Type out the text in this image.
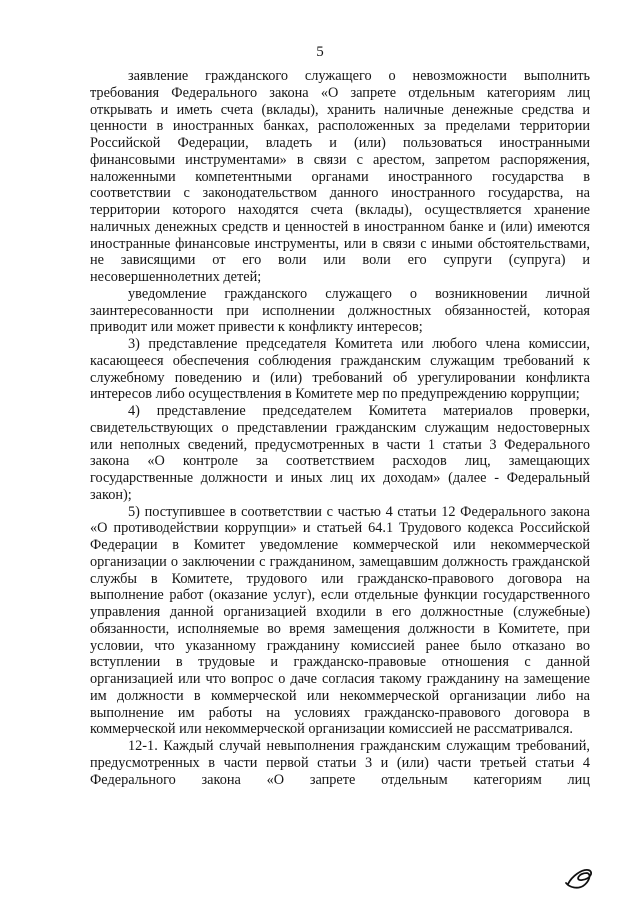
5

заявление гражданского служащего о невозможности выполнить требования Федерального закона «О запрете отдельным категориям лиц открывать и иметь счета (вклады), хранить наличные денежные средства и ценности в иностранных банках, расположенных за пределами территории Российской Федерации, владеть и (или) пользоваться иностранными финансовыми инструментами» в связи с арестом, запретом распоряжения, наложенными компетентными органами иностранного государства в соответствии с законодательством данного иностранного государства, на территории которого находятся счета (вклады), осуществляется хранение наличных денежных средств и ценностей в иностранном банке и (или) имеются иностранные финансовые инструменты, или в связи с иными обстоятельствами, не зависящими от его воли или воли его супруги (супруга) и несовершеннолетних детей;

уведомление гражданского служащего о возникновении личной заинтересованности при исполнении должностных обязанностей, которая приводит или может привести к конфликту интересов;

3) представление председателя Комитета или любого члена комиссии, касающееся обеспечения соблюдения гражданским служащим требований к служебному поведению и (или) требований об урегулировании конфликта интересов либо осуществления в Комитете мер по предупреждению коррупции;

4) представление председателем Комитета материалов проверки, свидетельствующих о представлении гражданским служащим недостоверных или неполных сведений, предусмотренных в части 1 статьи 3 Федерального закона «О контроле за соответствием расходов лиц, замещающих государственные должности и иных лиц их доходам» (далее - Федеральный закон);

5) поступившее в соответствии с частью 4 статьи 12 Федерального закона «О противодействии коррупции» и статьей 64.1 Трудового кодекса Российской Федерации в Комитет уведомление коммерческой или некоммерческой организации о заключении с гражданином, замещавшим должность гражданской службы в Комитете, трудового или гражданско-правового договора на выполнение работ (оказание услуг), если отдельные функции государственного управления данной организацией входили в его должностные (служебные) обязанности, исполняемые во время замещения должности в Комитете, при условии, что указанному гражданину комиссией ранее было отказано во вступлении в трудовые и гражданско-правовые отношения с данной организацией или что вопрос о даче согласия такому гражданину на замещение им должности в коммерческой или некоммерческой организации либо на выполнение им работы на условиях гражданско-правового договора в коммерческой или некоммерческой организации комиссией не рассматривался.

12-1. Каждый случай невыполнения гражданским служащим требований, предусмотренных в части первой статьи 3 и (или) части третьей статьи 4 Федерального закона «О запрете отдельным категориям лиц
